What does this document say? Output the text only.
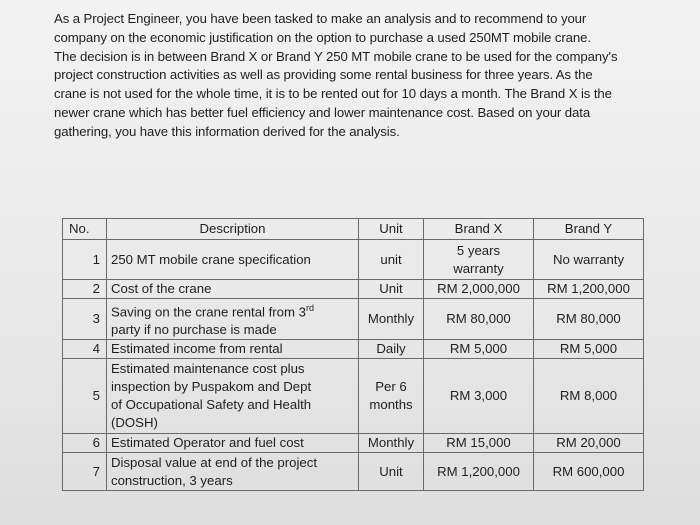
As a Project Engineer, you have been tasked to make an analysis and to recommend to your
company on the economic justification on the option to purchase a used 250MT mobile crane.
The decision is in between Brand X or Brand Y 250 MT mobile crane to be used for the company's
project construction activities as well as providing some rental business for three years. As the
crane is not used for the whole time, it is to be rented out for 10 days a month. The Brand X is the
newer crane which has better fuel efficiency and lower maintenance cost. Based on your data
gathering, you have this information derived for the analysis.
No.	Description	Unit	Brand X	Brand Y
1	250 MT mobile crane specification	unit	5 years
warranty	No warranty

2	Cost of the crane	Unit	RM 2,000,000	RM 1,200,000

3	Saving on the crane rental from 3rd
party if no purchase is made	Monthly	RM 80,000	RM 80,000

4	Estimated income from rental	Daily	RM 5,000	RM 5,000

5	Estimated maintenance cost plus
inspection by Puspakom and Dept
of Occupational Safety and Health
(DOSH)	Per 6
months	RM 3,000	RM 8,000

6	Estimated Operator and fuel cost	Monthly	RM 15,000	RM 20,000

7	Disposal value at end of the project
construction, 3 years	Unit	RM 1,200,000	RM 600,000
